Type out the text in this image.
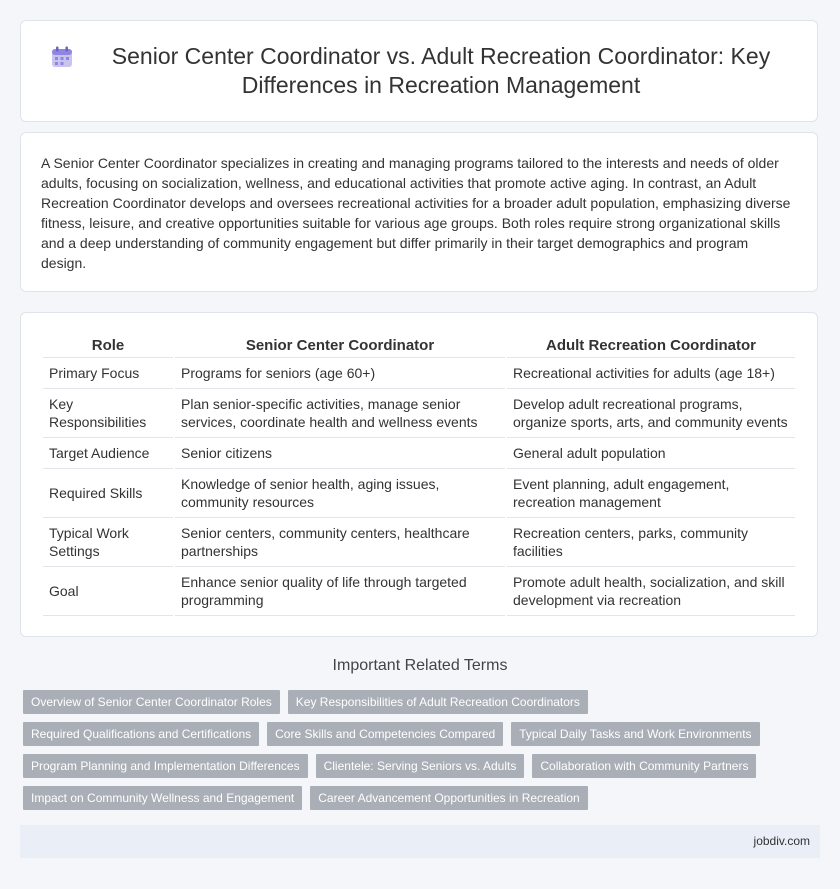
Senior Center Coordinator vs. Adult Recreation Coordinator: Key Differences in Recreation Management

A Senior Center Coordinator specializes in creating and managing programs tailored to the interests and needs of older adults, focusing on socialization, wellness, and educational activities that promote active aging. In contrast, an Adult Recreation Coordinator develops and oversees recreational activities for a broader adult population, emphasizing diverse fitness, leisure, and creative opportunities suitable for various age groups. Both roles require strong organizational skills and a deep understanding of community engagement but differ primarily in their target demographics and program design.

Role	Senior Center Coordinator	Adult Recreation Coordinator
Primary Focus	Programs for seniors (age 60+)	Recreational activities for adults (age 18+)
Key Responsibilities	Plan senior-specific activities, manage senior services, coordinate health and wellness events	Develop adult recreational programs, organize sports, arts, and community events
Target Audience	Senior citizens	General adult population
Required Skills	Knowledge of senior health, aging issues, community resources	Event planning, adult engagement, recreation management
Typical Work Settings	Senior centers, community centers, healthcare partnerships	Recreation centers, parks, community facilities
Goal	Enhance senior quality of life through targeted programming	Promote adult health, socialization, and skill development via recreation
Important Related Terms
Overview of Senior Center Coordinator Roles	Key Responsibilities of Adult Recreation Coordinators
Required Qualifications and Certifications	Core Skills and Competencies Compared	Typical Daily Tasks and Work Environments
Program Planning and Implementation Differences	Clientele: Serving Seniors vs. Adults	Collaboration with Community Partners
Impact on Community Wellness and Engagement	Career Advancement Opportunities in Recreation
jobdiv.com
